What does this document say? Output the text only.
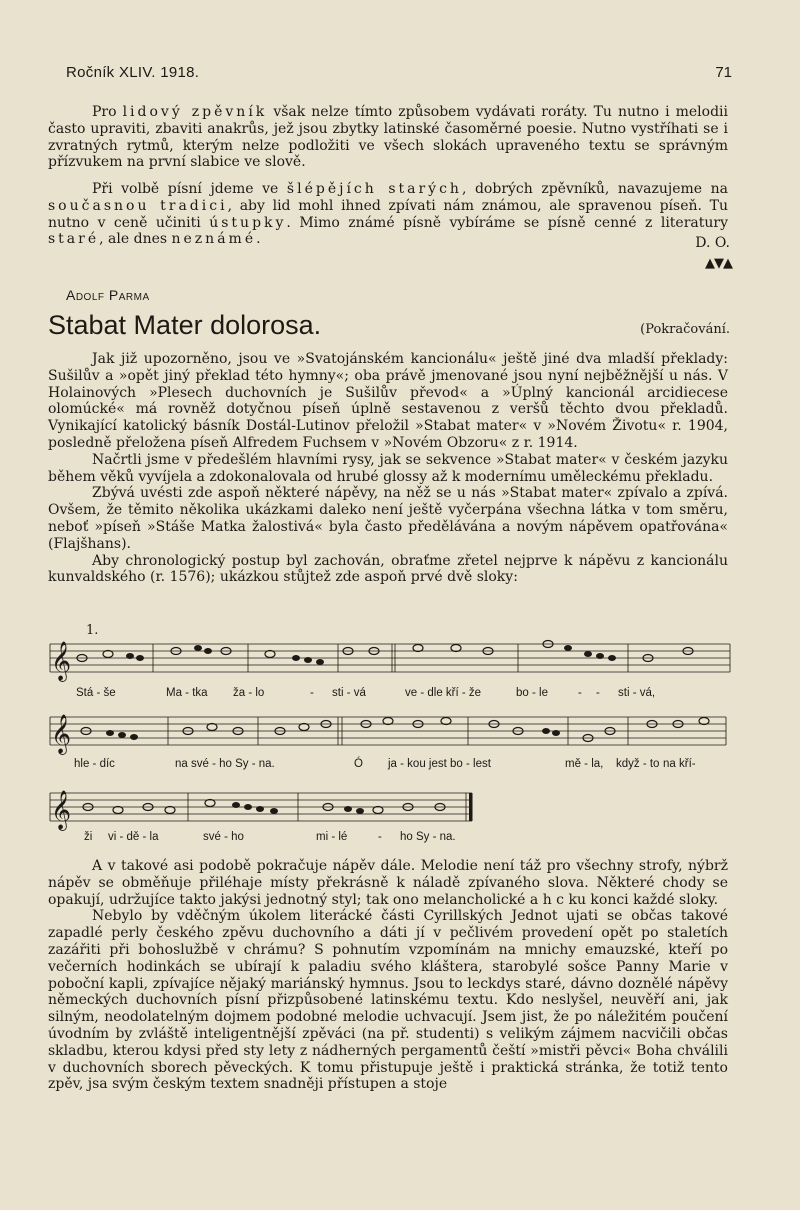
Ročník XLIV. 1918.	71

Pro lidový zpěvník však nelze tímto způsobem vydávati roráty. Tu nutno i melodii často upraviti, zbaviti anakrůs, jež jsou zbytky latinské časoměrné poesie. Nutno vystříhati se i zvratných rytmů, kterým nelze podložiti ve všech slokách upraveného textu se správným přízvukem na první slabice ve slově.

Při volbě písní jdeme ve šlépějích starých, dobrých zpěvníků, navazujeme na současnou tradici, aby lid mohl ihned zpívati nám známou, ale spravenou píseň. Tu nutno v ceně učiniti ústupky. Mimo známé písně vybíráme se písně cenné z literatury staré, ale dnes neznámé.	D. O.
▲▼▲
Adolf Parma
Stabat Mater dolorosa.	(Pokračování.

Jak již upozorněno, jsou ve »Svatojánském kancionálu« ještě jiné dva mladší překlady: Sušilův a »opět jiný překlad této hymny«; oba právě jmenované jsou nyní nejběžnější u nás. V Holainových »Plesech duchovních je Sušilův převod« a »Úplný kancionál arcidiecese olomúcké« má rovněž dotyčnou píseň úplně sestavenou z veršů těchto dvou překladů. Vynikající katolický básník Dostál-Lutinov přeložil »Stabat mater« v »Novém Životu« r. 1904, posledně přeložena píseň Alfredem Fuchsem v »Novém Obzoru« z r. 1914.

Načrtli jsme v předešlém hlavními rysy, jak se sekvence »Stabat mater« v českém jazyku během věků vyvíjela a zdokonalovala od hrubé glossy až k modernímu uměleckému překladu.

Zbývá uvésti zde aspoň některé nápěvy, na něž se u nás »Stabat mater« zpívalo a zpívá. Ovšem, že těmito několika ukázkami daleko není ještě vyčerpána všechna látka v tom směru, neboť »píseň »Stáše Matka žalostivá« byla často předělávána a novým nápěvem opatřována« (Flajšhans).

Aby chronologický postup byl zachován, obraťme zřetel nejprve k nápěvu z kancionálu kunvaldského (r. 1576); ukázkou stůjtež zde aspoň prvé dvě sloky:

1.
𝄞
Stá - še	Ma - tka ža - lo	- sti - vá	ve - dle kří - že	bo - le	- - sti - vá,
𝄞
hle - díc	na své - ho Sy - na.	Ó ja - kou jest bo - lest	mě - la, když - to na kří-
𝄞
ži vi - dě - la	své - ho	mi - lé	- ho Sy - na.

A v takové asi podobě pokračuje nápěv dále. Melodie není táž pro všechny strofy, nýbrž nápěv se obměňuje přiléhaje místy překrásně k náladě zpívaného slova. Některé chody se opakují, udržujíce takto jakýsi jednotný styl; tak ono melancholické a h c ku konci každé sloky.

Nebylo by vděčným úkolem literácké části Cyrillských Jednot ujati se občas takové zapadlé perly českého zpěvu duchovního a dáti jí v pečlivém provedení opět po staletích zazářiti při bohoslužbě v chrámu? S pohnutím vzpomínám na mnichy emauzské, kteří po večerních hodinkách se ubírají k paladiu svého kláštera, starobylé sošce Panny Marie v poboční kapli, zpívajíce nějaký mariánský hymnus. Jsou to leckdys staré, dávno doznělé nápěvy německých duchovních písní přizpůsobené latinskému textu. Kdo neslyšel, neuvěří ani, jak silným, neodolatelným dojmem podobné melodie uchvacují. Jsem jist, že po náležitém poučení úvodním by zvláště inteligentnější zpěváci (na př. studenti) s velikým zájmem nacvičili občas skladbu, kterou kdysi před sty lety z nádherných pergamentů čeští »mistři pěvci« Boha chválili v duchovních sborech pěveckých. K tomu přistupuje ještě i praktická stránka, že totiž tento zpěv, jsa svým českým textem snadněji přístupen a stoje
